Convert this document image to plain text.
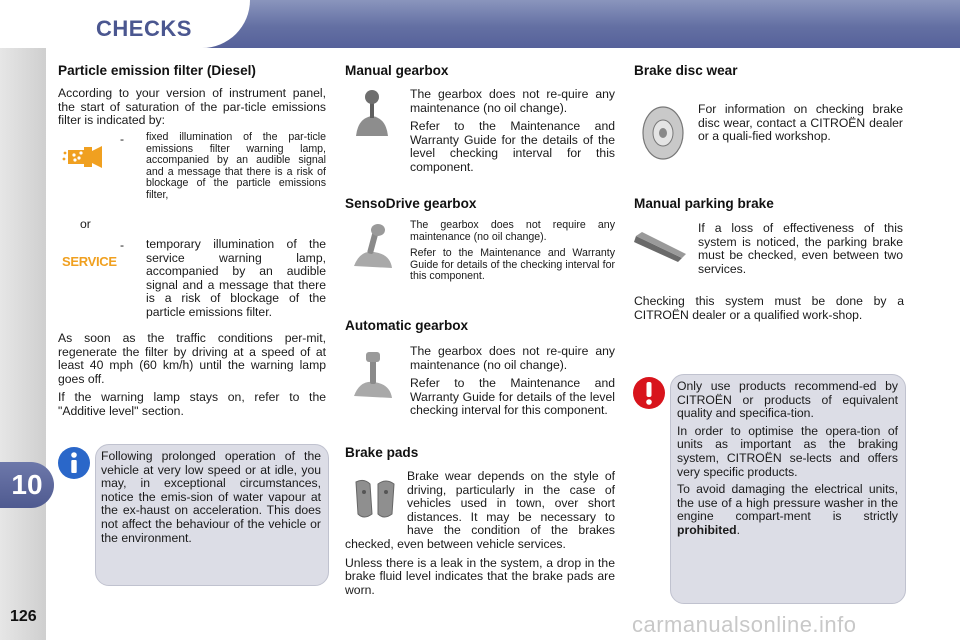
CHECKS
10
126
Particle emission filter (Diesel)

According to your version of instrument panel, the start of saturation of the par-ticle emissions filter is indicated by:

- fixed illumination of the par-ticle emissions filter warning lamp, accompanied by an audible signal and a message that there is a risk of blockage of the particle emissions filter,

or
SERVICE
- temporary illumination of the service warning lamp, accompanied by an audible signal and a message that there is a risk of blockage of the particle emissions filter.

As soon as the traffic conditions per-mit, regenerate the filter by driving at a speed of at least 40 mph (60 km/h) until the warning lamp goes off.

If the warning lamp stays on, refer to the "Additive level" section.

Following prolonged operation of the vehicle at very low speed or at idle, you may, in exceptional circumstances, notice the emis-sion of water vapour at the ex-haust on acceleration. This does not affect the behaviour of the vehicle or the environment.

Manual gearbox

The gearbox does not re-quire any maintenance (no oil change).

Refer to the Maintenance and Warranty Guide for the details of the level checking interval for this component.

SensoDrive gearbox

The gearbox does not require any maintenance (no oil change).

Refer to the Maintenance and Warranty Guide for details of the checking interval for this component.

Automatic gearbox

The gearbox does not re-quire any maintenance (no oil change).

Refer to the Maintenance and Warranty Guide for details of the level checking interval for this component.

Brake pads

Brake wear depends on the style of driving, particularly in the case of vehicles used in town, over short distances. It may be necessary to have the condition of the brakes checked, even between vehicle services.

Unless there is a leak in the system, a drop in the brake fluid level indicates that the brake pads are worn.

Brake disc wear

For information on checking brake disc wear, contact a CITROËN dealer or a quali-fied workshop.

Manual parking brake

If a loss of effectiveness of this system is noticed, the parking brake must be checked, even between two services.

Checking this system must be done by a CITROËN dealer or a qualified work-shop.

Only use products recommend-ed by CITROËN or products of equivalent quality and specifica-tion.

In order to optimise the opera-tion of units as important as the braking system, CITROËN se-lects and offers very specific products.

To avoid damaging the electrical units, the use of a high pressure washer in the engine compart-ment is strictly prohibited.

carmanualsonline.info
